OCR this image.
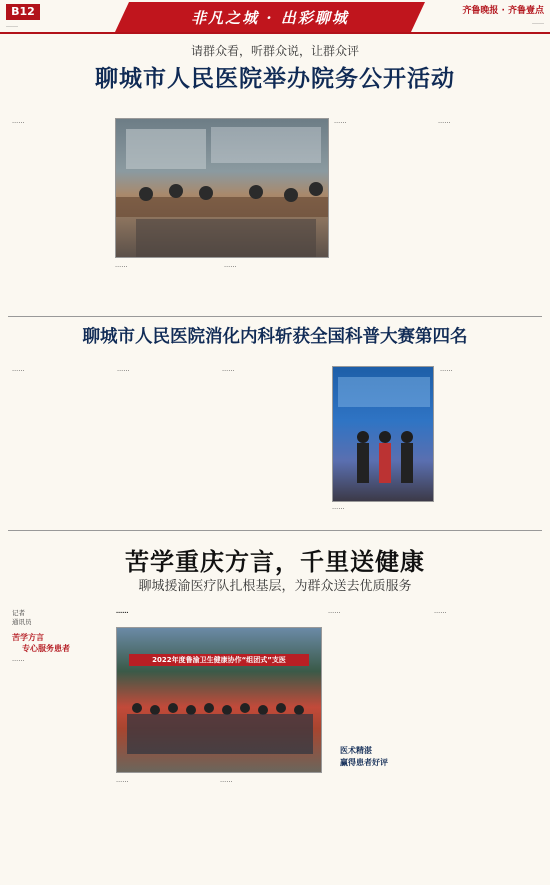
B12
……	非凡之城 · 出彩聊城	齐鲁晚报 · 齐鲁壹点
……
请群众看，听群众说，让群众评
聊城市人民医院举办院务公开活动
……
……	……
……	……
聊城市人民医院消化内科斩获全国科普大赛第四名
……	……	……
……
……
苦学重庆方言，千里送健康
聊城援渝医疗队扎根基层，为群众送去优质服务
记者
通讯员
苦学方言
专心服务患者
……
……
2022年度鲁渝卫生健康协作“组团式”支医
……	……
……
医术精湛
赢得患者好评
……
